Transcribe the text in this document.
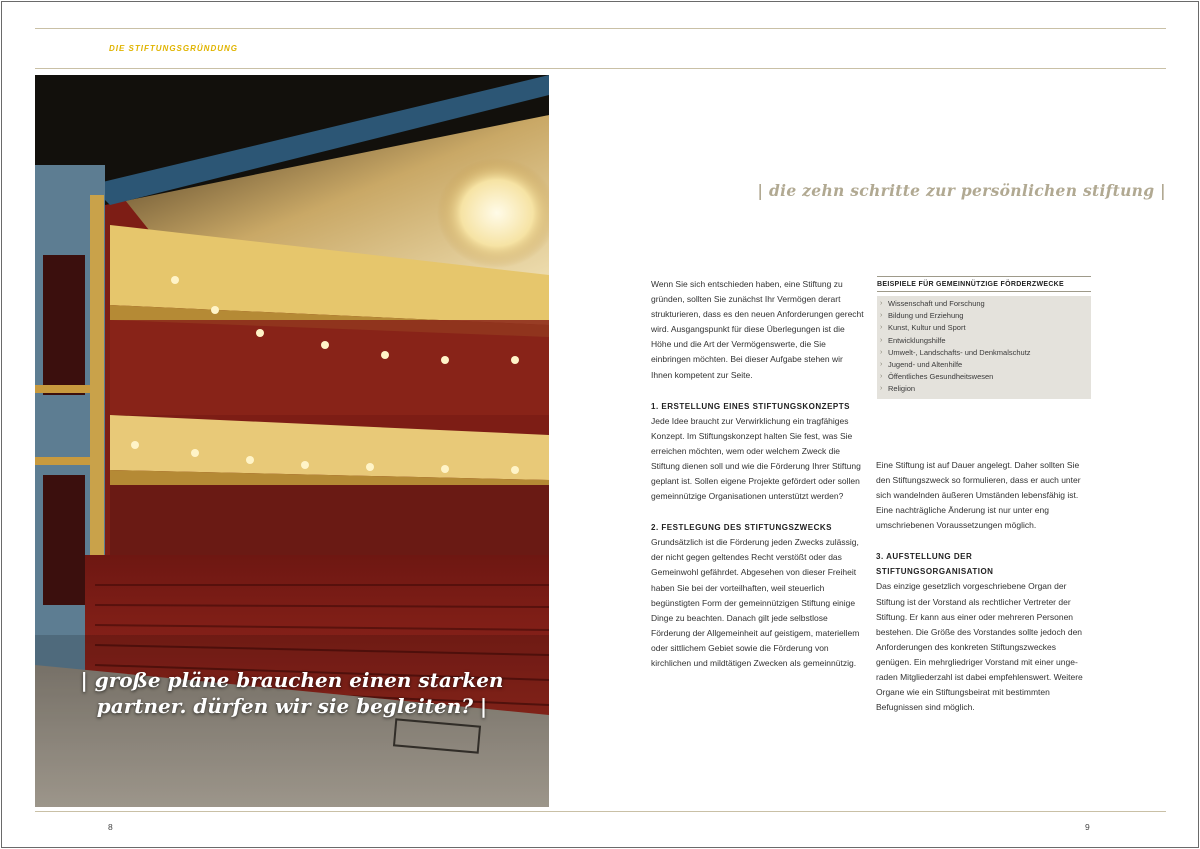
DIE STIFTUNGSGRÜNDUNG
| große pläne brauchen einen starken
partner. dürfen wir sie begleiten? |
| die zehn schritte zur persönlichen stiftung |

Wenn Sie sich entschieden haben, eine Stiftung zu gründen, sollten Sie zunächst Ihr Vermögen derart strukturieren, dass es den neuen Anforderungen gerecht wird. Ausgangspunkt für diese Überlegungen ist die Höhe und die Art der Vermögenswerte, die Sie einbringen möchten. Bei dieser Aufgabe stehen wir Ihnen kompetent zur Seite.

1. ERSTELLUNG EINES STIFTUNGSKONZEPTS

Jede Idee braucht zur Verwirklichung ein tragfähiges Konzept. Im Stiftungskonzept halten Sie fest, was Sie erreichen möchten, wem oder welchem Zweck die Stiftung dienen soll und wie die Förderung Ihrer Stiftung geplant ist. Sollen eigene Projekte gefördert oder sollen gemeinnützige Organisationen unterstützt werden?

2. FESTLEGUNG DES STIFTUNGSZWECKS

Grundsätzlich ist die Förderung jeden Zwecks zulässig, der nicht gegen geltendes Recht verstößt oder das Gemeinwohl gefährdet. Abgesehen von dieser Freiheit haben Sie bei der vorteilhaften, weil steuerlich begünstigten Form der gemeinnützigen Stiftung einige Dinge zu beachten. Danach gilt jede selbstlose Förderung der Allgemeinheit auf geistigem, materiellem oder sittlichem Gebiet sowie die Förderung von kirchlichen und mildtätigen Zwecken als gemeinnützig.

BEISPIELE FÜR GEMEINNÜTZIGE FÖRDERZWECKE
› Wissenschaft und Forschung
› Bildung und Erziehung
› Kunst, Kultur und Sport
› Entwicklungshilfe
› Umwelt-, Landschafts- und Denkmalschutz
› Jugend- und Altenhilfe
› Öffentliches Gesundheitswesen
› Religion

Eine Stiftung ist auf Dauer angelegt. Daher sollten Sie den Stiftungszweck so formulieren, dass er auch unter sich wandelnden äußeren Umständen lebensfähig ist. Eine nachträgliche Änderung ist nur unter eng umschriebenen Voraussetzungen möglich.

3. AUFSTELLUNG DER STIFTUNGSORGANISATION

Das einzige gesetzlich vorgeschriebene Organ der Stiftung ist der Vorstand als rechtlicher Vertreter der Stiftung. Er kann aus einer oder mehreren Personen bestehen. Die Größe des Vorstandes sollte jedoch den Anforderungen des konkreten Stiftungszweckes genügen. Ein mehrgliedriger Vorstand mit einer ungeraden Mitgliederzahl ist dabei empfehlenswert. Weitere Organe wie ein Stiftungsbeirat mit bestimmten Befugnissen sind möglich.

8	9
